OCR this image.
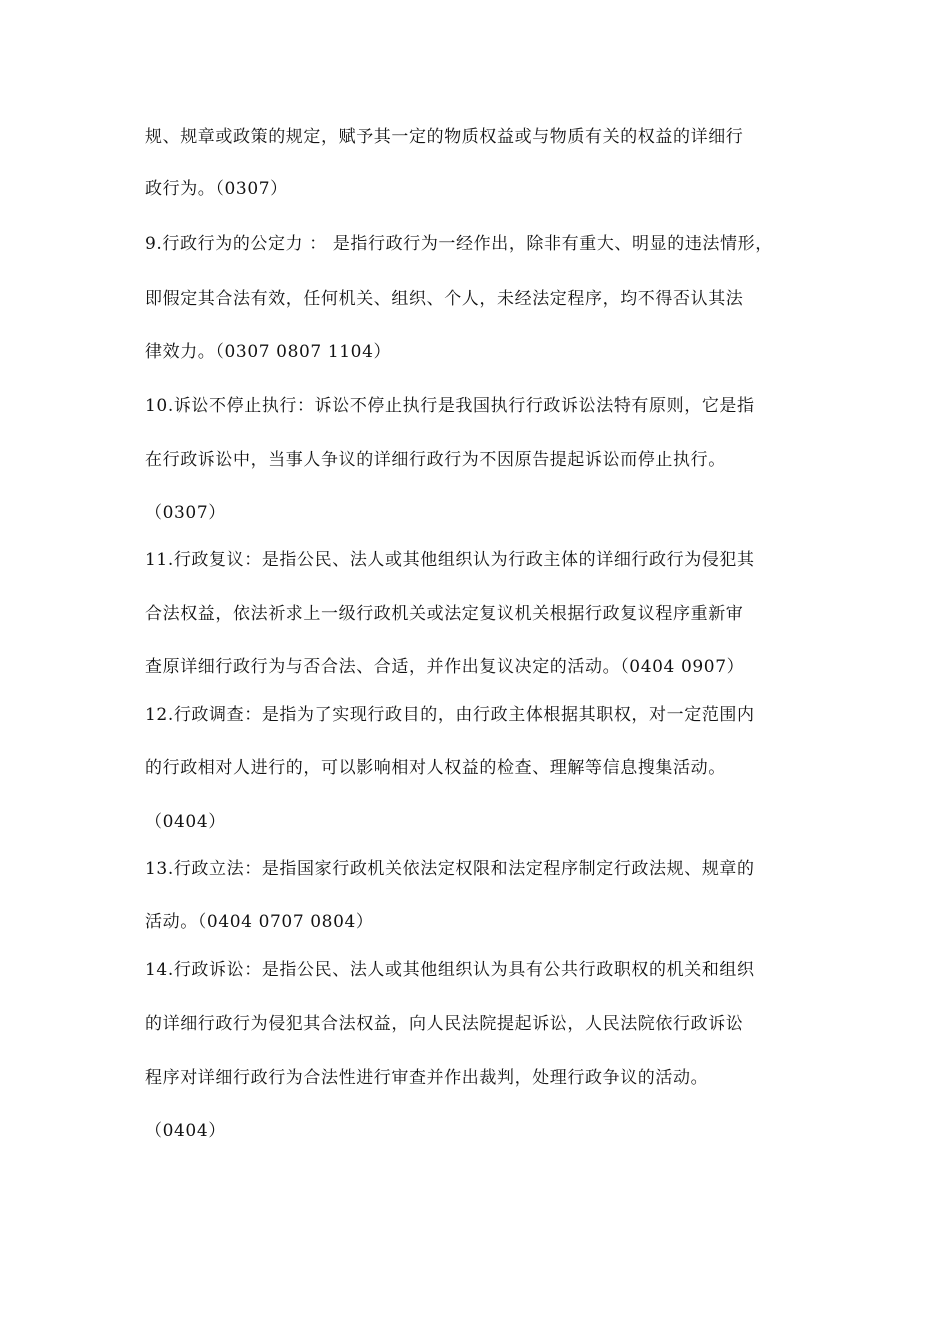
规、规章或政策的规定，赋予其一定的物质权益或与物质有关的权益的详细行
政行为。（0307）
9.行政行为的公定力 ： 是指行政行为一经作出，除非有重大、明显的违法情形，
即假定其合法有效，任何机关、组织、个人，未经法定程序，均不得否认其法
律效力。（0307 0807 1104）
10.诉讼不停止执行：诉讼不停止执行是我国执行行政诉讼法特有原则，它是指
在行政诉讼中，当事人争议的详细行政行为不因原告提起诉讼而停止执行。
（0307）
11.行政复议：是指公民、法人或其他组织认为行政主体的详细行政行为侵犯其
合法权益，依法祈求上一级行政机关或法定复议机关根据行政复议程序重新审
查原详细行政行为与否合法、合适，并作出复议决定的活动。（0404 0907）
12.行政调查：是指为了实现行政目的，由行政主体根据其职权，对一定范围内
的行政相对人进行的，可以影响相对人权益的检查、理解等信息搜集活动。
（0404）
13.行政立法：是指国家行政机关依法定权限和法定程序制定行政法规、规章的
活动。（0404 0707 0804）
14.行政诉讼：是指公民、法人或其他组织认为具有公共行政职权的机关和组织
的详细行政行为侵犯其合法权益，向人民法院提起诉讼，人民法院依行政诉讼
程序对详细行政行为合法性进行审查并作出裁判，处理行政争议的活动。
（0404）
